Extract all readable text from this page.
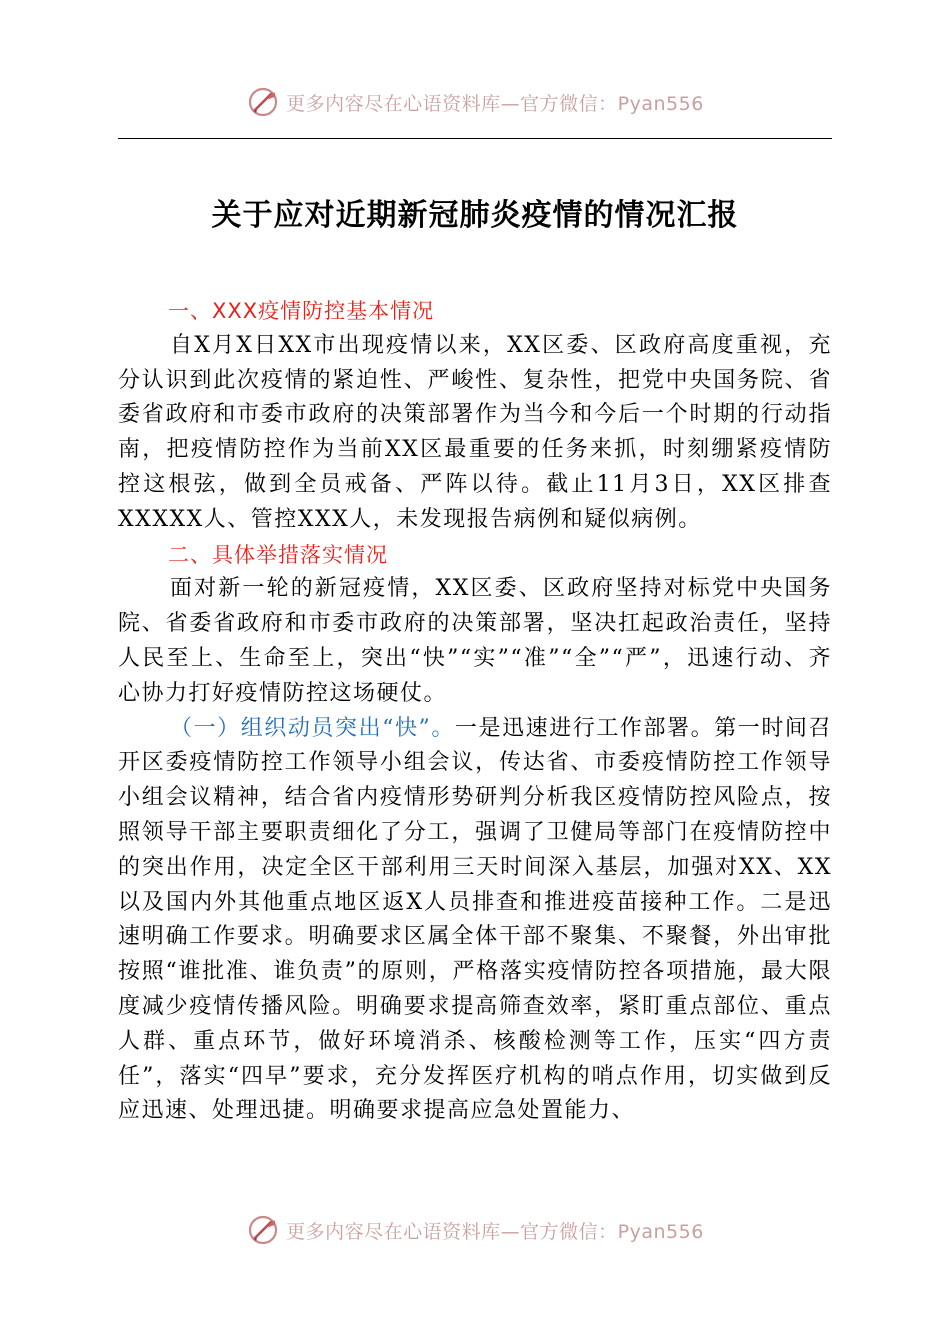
更多内容尽在心语资料库—官方微信：Pyan556
关于应对近期新冠肺炎疫情的情况汇报

一、XXX疫情防控基本情况

自X月X日XX市出现疫情以来，XX区委、区政府高度重视，充分认识到此次疫情的紧迫性、严峻性、复杂性，把党中央国务院、省委省政府和市委市政府的决策部署作为当今和今后一个时期的行动指南，把疫情防控作为当前XX区最重要的任务来抓，时刻绷紧疫情防控这根弦，做到全员戒备、严阵以待。截止11月3日，XX区排查XXXXX人、管控XXX人，未发现报告病例和疑似病例。

二、具体举措落实情况

面对新一轮的新冠疫情，XX区委、区政府坚持对标党中央国务院、省委省政府和市委市政府的决策部署，坚决扛起政治责任，坚持人民至上、生命至上，突出“快”“实”“准”“全”“严”，迅速行动、齐心协力打好疫情防控这场硬仗。

（一）组织动员突出“快”。一是迅速进行工作部署。第一时间召开区委疫情防控工作领导小组会议，传达省、市委疫情防控工作领导小组会议精神，结合省内疫情形势研判分析我区疫情防控风险点，按照领导干部主要职责细化了分工，强调了卫健局等部门在疫情防控中的突出作用，决定全区干部利用三天时间深入基层，加强对XX、XX以及国内外其他重点地区返X人员排查和推进疫苗接种工作。二是迅速明确工作要求。明确要求区属全体干部不聚集、不聚餐，外出审批按照“谁批准、谁负责”的原则，严格落实疫情防控各项措施，最大限度减少疫情传播风险。明确要求提高筛查效率，紧盯重点部位、重点人群、重点环节，做好环境消杀、核酸检测等工作，压实“四方责任”，落实“四早”要求，充分发挥医疗机构的哨点作用，切实做到反应迅速、处理迅捷。明确要求提高应急处置能力、

更多内容尽在心语资料库—官方微信：Pyan556
